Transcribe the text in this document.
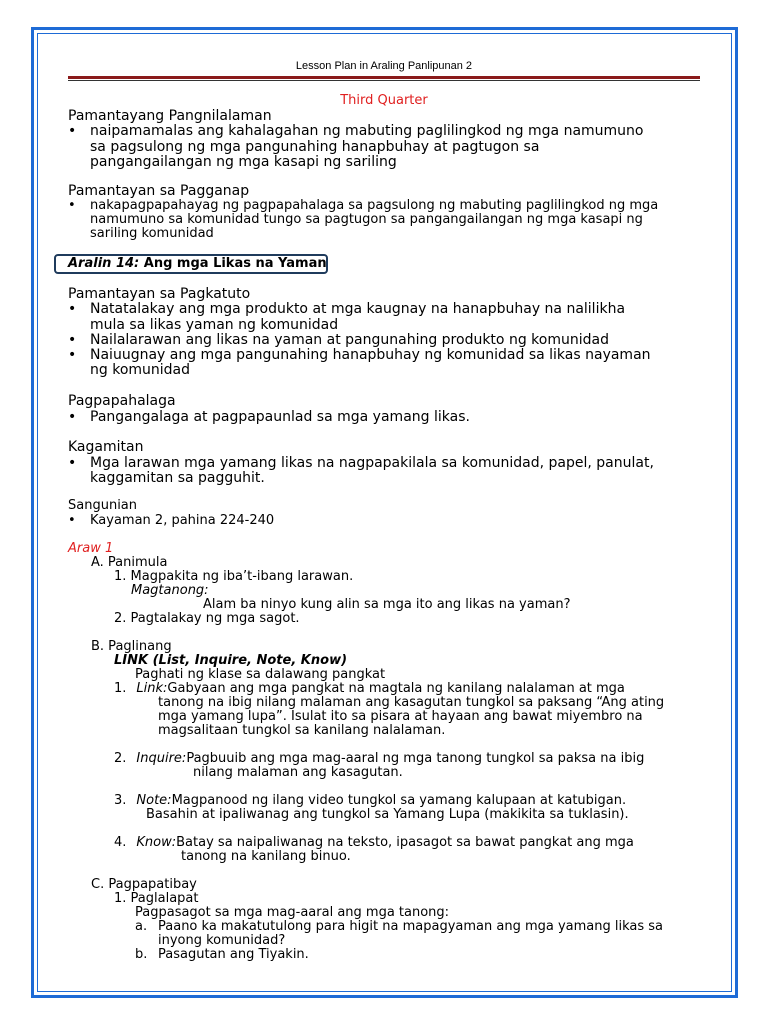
Lesson Plan in Araling Panlipunan 2
Third Quarter
Pamantayang Pangnilalaman
• naipamamalas ang kahalagahan ng mabuting paglilingkod ng mga namumuno
sa pagsulong ng mga pangunahing hanapbuhay at pagtugon sa
pangangailangan ng mga kasapi ng sariling
Pamantayan sa Pagganap
• nakapagpapahayag ng pagpapahalaga sa pagsulong ng mabuting paglilingkod ng mga
namumuno sa komunidad tungo sa pagtugon sa pangangailangan ng mga kasapi ng
sariling komunidad
Aralin 14: Ang mga Likas na Yaman
Pamantayan sa Pagkatuto
• Natatalakay ang mga produkto at mga kaugnay na hanapbuhay na nalilikha
mula sa likas yaman ng komunidad
• Nailalarawan ang likas na yaman at pangunahing produkto ng komunidad
• Naiuugnay ang mga pangunahing hanapbuhay ng komunidad sa likas nayaman
ng komunidad
Pagpapahalaga
• Pangangalaga at pagpapaunlad sa mga yamang likas.
Kagamitan
• Mga larawan mga yamang likas na nagpapakilala sa komunidad, papel, panulat,
kaggamitan sa pagguhit.
Sangunian
• Kayaman 2, pahina 224-240
Araw 1
A. Panimula
1. Magpakita ng iba’t-ibang larawan.
Magtanong:
Alam ba ninyo kung alin sa mga ito ang likas na yaman?
2. Pagtalakay ng mga sagot.
B. Paglinang
LINK (List, Inquire, Note, Know)
Paghati ng klase sa dalawang pangkat
1. Link:Gabyaan ang mga pangkat na magtala ng kanilang nalalaman at mga
tanong na ibig nilang malaman ang kasagutan tungkol sa paksang “Ang ating
mga yamang lupa”. Isulat ito sa pisara at hayaan ang bawat miyembro na
magsalitaan tungkol sa kanilang nalalaman.
2. Inquire:Pagbuuib ang mga mag-aaral ng mga tanong tungkol sa paksa na ibig
nilang malaman ang kasagutan.
3. Note:Magpanood ng ilang video tungkol sa yamang kalupaan at katubigan.
Basahin at ipaliwanag ang tungkol sa Yamang Lupa (makikita sa tuklasin).
4. Know:Batay sa naipaliwanag na teksto, ipasagot sa bawat pangkat ang mga
tanong na kanilang binuo.
C. Pagpapatibay
1. Paglalapat
Pagpasagot sa mga mag-aaral ang mga tanong:
a. Paano ka makatutulong para higit na mapagyaman ang mga yamang likas sa
inyong komunidad?
b. Pasagutan ang Tiyakin.
